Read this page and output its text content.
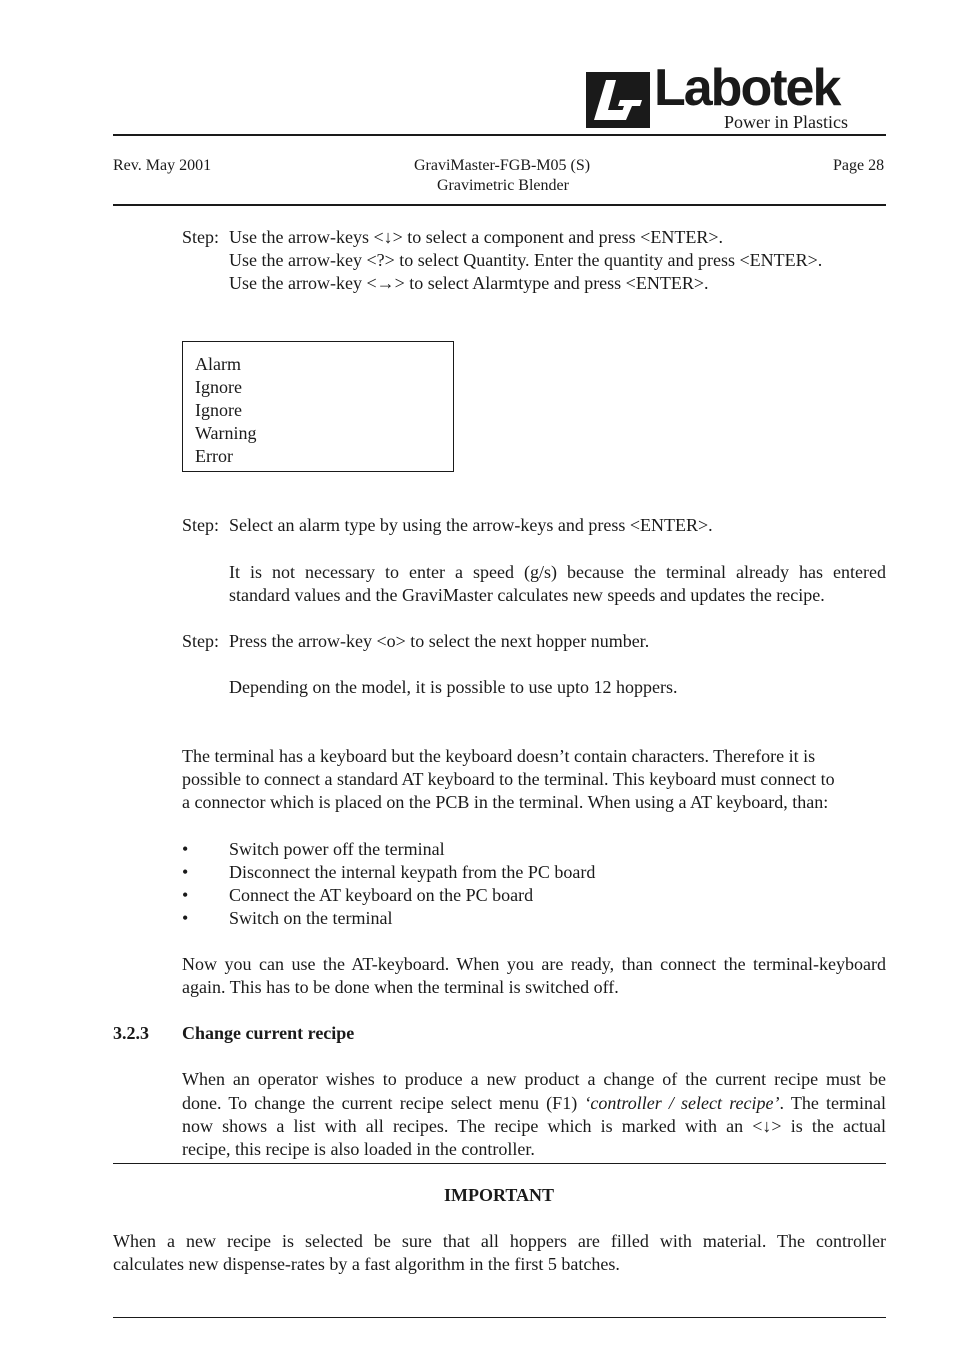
Labotek
Power in Plastics
Rev. May 2001	GraviMaster-FGB-M05 (S)
Gravimetric Blender
Page 28
Step: Use the arrow-keys <↓> to select a component and press <ENTER>.
Use the arrow-key <?> to select Quantity. Enter the quantity and press <ENTER>.
Use the arrow-key <→> to select Alarmtype and press <ENTER>.
Alarm
Ignore
Ignore
Warning
Error
Step: Select an alarm type by using the arrow-keys and press <ENTER>.
It is not necessary to enter a speed (g/s) because the terminal already has entered
standard values and the GraviMaster calculates new speeds and updates the recipe.
Step: Press the arrow-key <o> to select the next hopper number.
Depending on the model, it is possible to use upto 12 hoppers.
The terminal has a keyboard but the keyboard doesn’t contain characters. Therefore it is
possible to connect a standard AT keyboard to the terminal. This keyboard must connect to
a connector which is placed on the PCB in the terminal. When using a AT keyboard, than:
• Switch power off the terminal
• Disconnect the internal keypath from the PC board
• Connect the AT keyboard on the PC board
• Switch on the terminal
Now you can use the AT-keyboard. When you are ready, than connect the terminal-keyboard
again. This has to be done when the terminal is switched off.
3.2.3 Change current recipe
When an operator wishes to produce a new product a change of the current recipe must be
done. To change the current recipe select menu (F1) ‘controller / select recipe’. The terminal
now shows a list with all recipes. The recipe which is marked with an <↓> is the actual
recipe, this recipe is also loaded in the controller.
IMPORTANT
When a new recipe is selected be sure that all hoppers are filled with material. The controller
calculates new dispense-rates by a fast algorithm in the first 5 batches.
